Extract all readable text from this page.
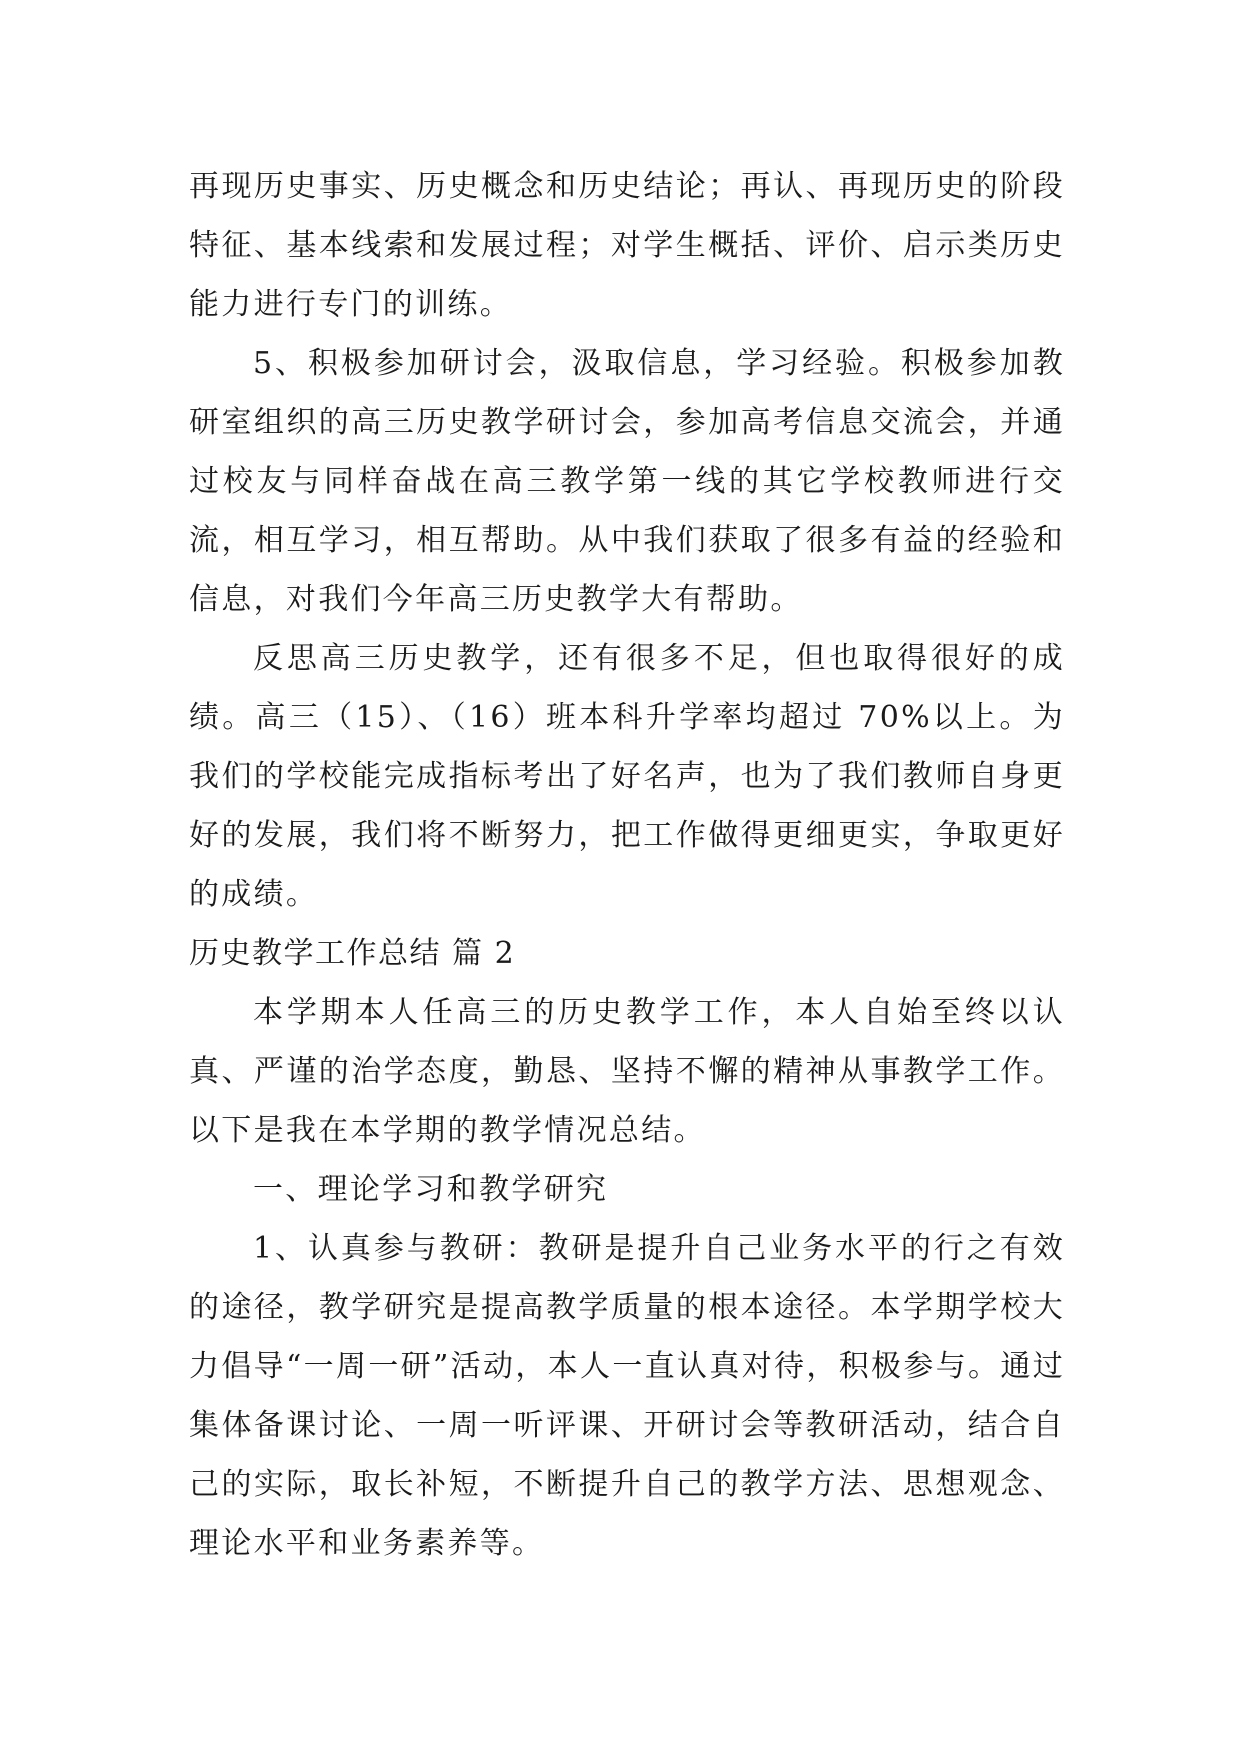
再现历史事实、历史概念和历史结论；再认、再现历史的阶段特征、基本线索和发展过程；对学生概括、评价、启示类历史能力进行专门的训练。

5、积极参加研讨会，汲取信息，学习经验。积极参加教研室组织的高三历史教学研讨会，参加高考信息交流会，并通过校友与同样奋战在高三教学第一线的其它学校教师进行交流，相互学习，相互帮助。从中我们获取了很多有益的经验和信息，对我们今年高三历史教学大有帮助。

反思高三历史教学，还有很多不足，但也取得很好的成绩。高三（15）、（16）班本科升学率均超过 70%以上。为我们的学校能完成指标考出了好名声，也为了我们教师自身更好的发展，我们将不断努力，把工作做得更细更实，争取更好的成绩。

历史教学工作总结 篇 2

本学期本人任高三的历史教学工作，本人自始至终以认真、严谨的治学态度，勤恳、坚持不懈的精神从事教学工作。以下是我在本学期的教学情况总结。

一、理论学习和教学研究

1、认真参与教研：教研是提升自己业务水平的行之有效的途径，教学研究是提高教学质量的根本途径。本学期学校大力倡导“一周一研”活动，本人一直认真对待，积极参与。通过集体备课讨论、一周一听评课、开研讨会等教研活动，结合自己的实际，取长补短，不断提升自己的教学方法、思想观念、理论水平和业务素养等。
